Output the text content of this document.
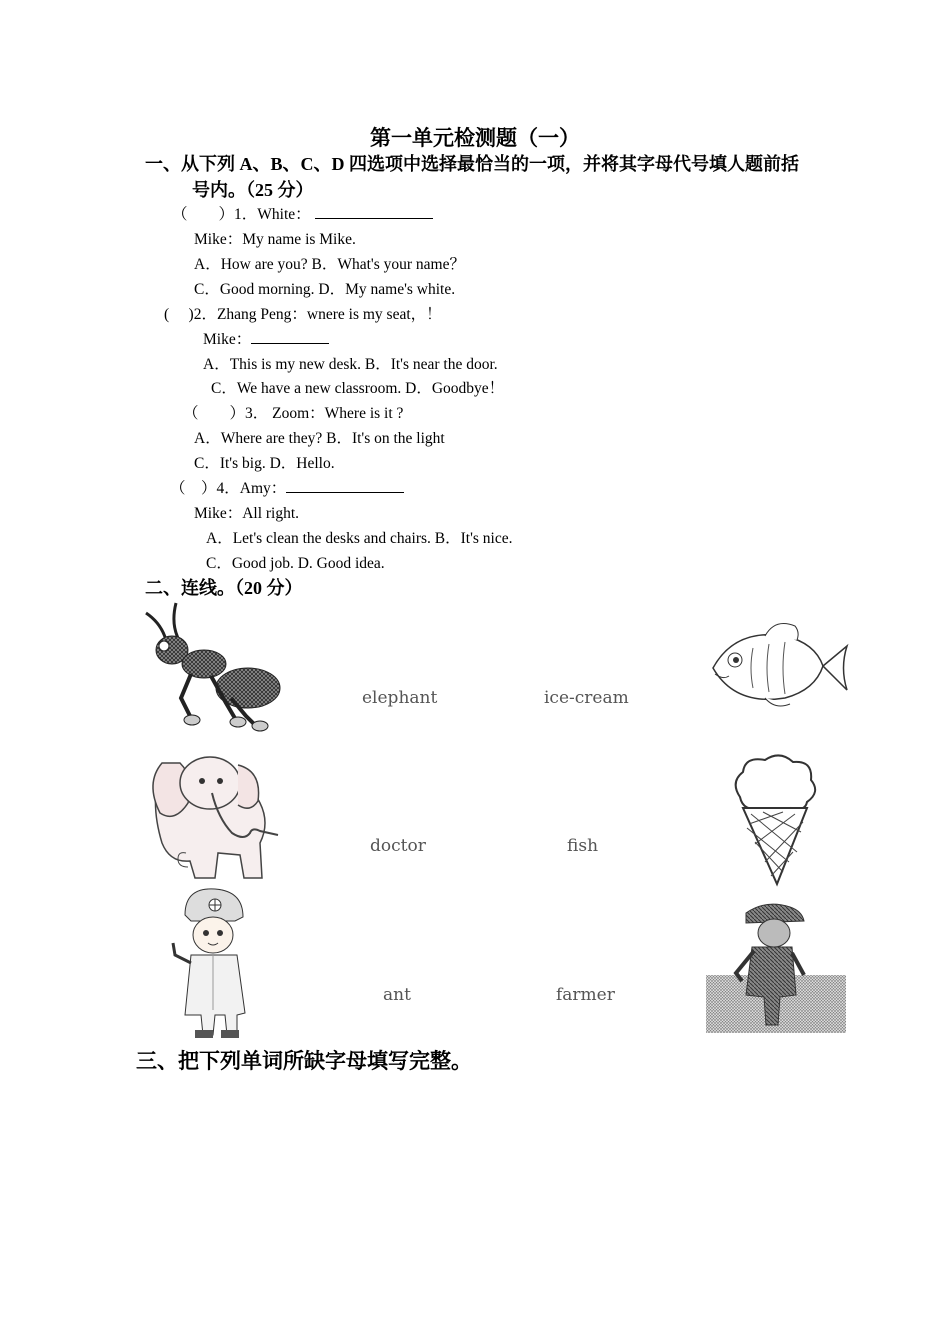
第一单元检测题（一）
一、从下列 A、B、C、D 四选项中选择最恰当的一项，并将其字母代号填人题前括
号内。（25 分）
（　　）1．White：
Mike：My name is Mike.
A．How are you? B．What's your name？
C．Good morning. D．My name's white.
(　 )2．Zhang Peng：wnere is my seat，！
Mike：
A．This is my new desk. B．It's near the door.
C．We have a new classroom. D．Goodbye！
（　　）3． Zoom：Where is it ?
A．Where are they? B．It's on the light
C．It's big. D．Hello.
（　）4．Amy：
Mike：All right.
A．Let's clean the desks and chairs. B．It's nice.
C．Good job. D. Good idea.
二、连线。（20 分）
elephant
doctor
ant
ice-cream
fish
farmer
三、把下列单词所缺字母填写完整。
